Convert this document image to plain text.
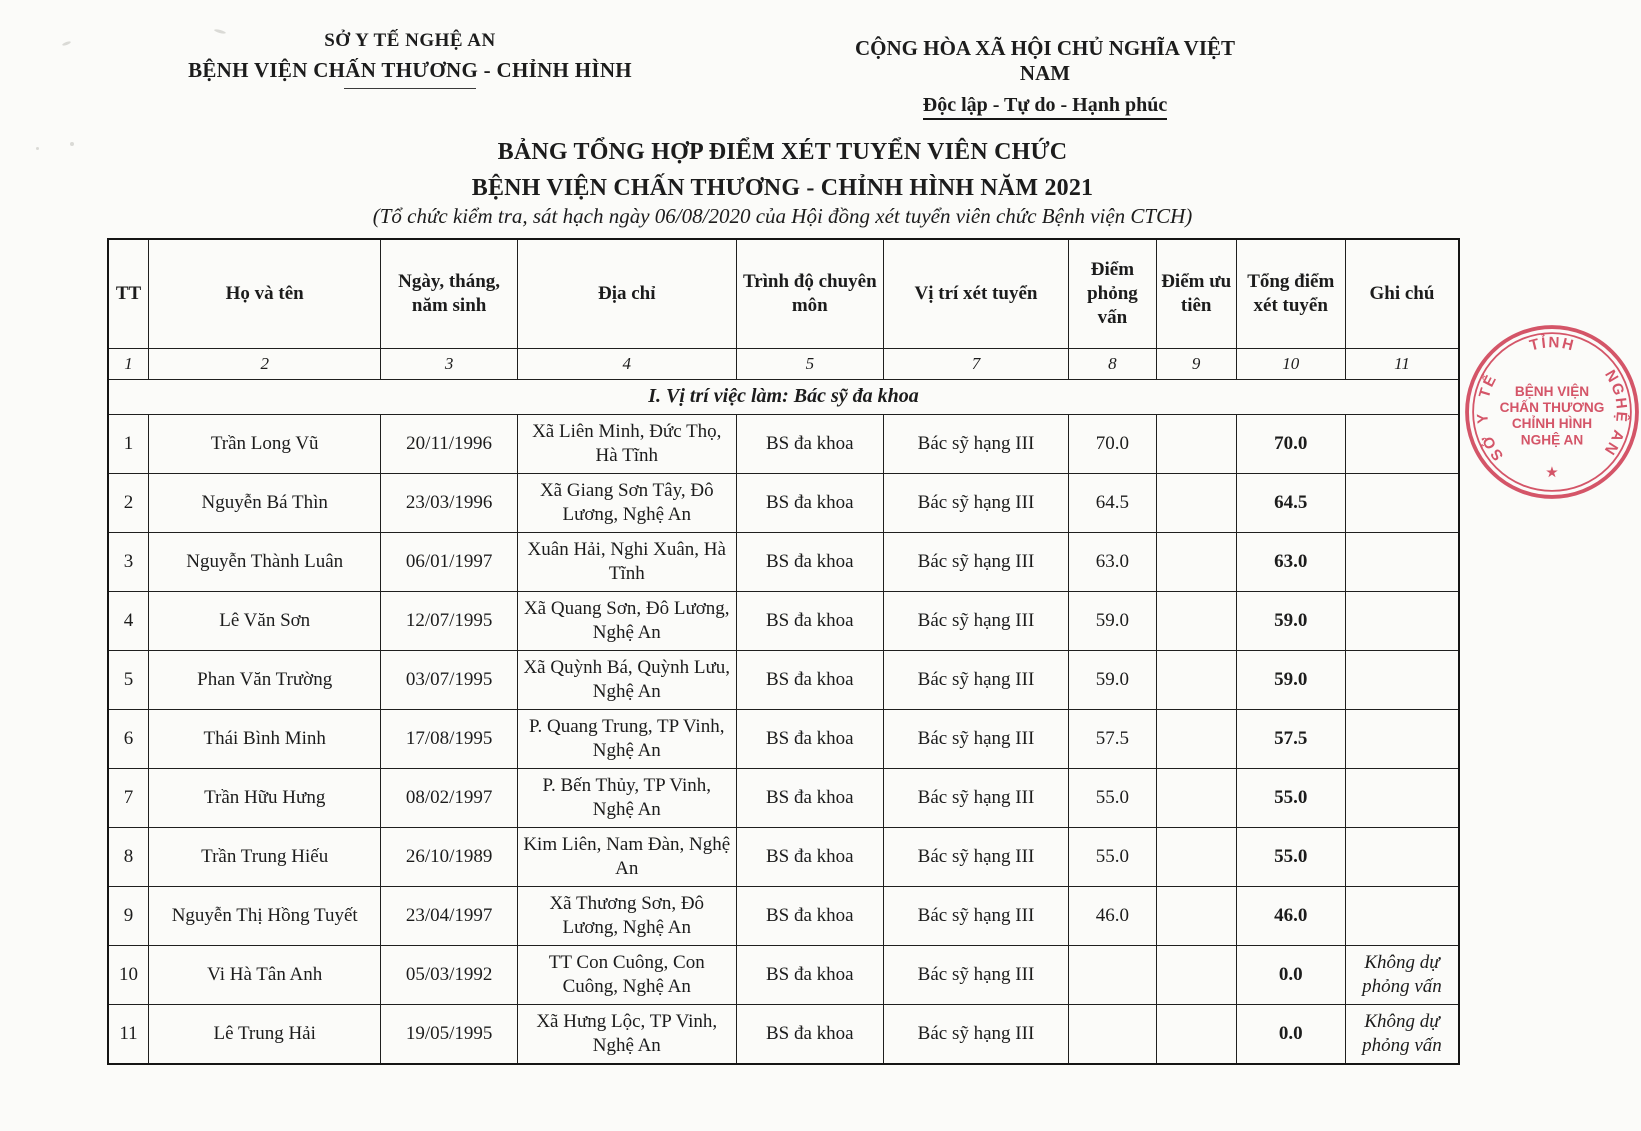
SỞ Y TẾ NGHỆ AN
BỆNH VIỆN CHẤN THƯƠNG - CHỈNH HÌNH
CỘNG HÒA XÃ HỘI CHỦ NGHĨA VIỆT NAM
Độc lập - Tự do - Hạnh phúc
BẢNG TỔNG HỢP ĐIỂM XÉT TUYỂN VIÊN CHỨC
BỆNH VIỆN CHẤN THƯƠNG - CHỈNH HÌNH NĂM 2021
(Tổ chức kiểm tra, sát hạch ngày 06/08/2020 của Hội đồng xét tuyển viên chức Bệnh viện CTCH)
TT	Họ và tên	Ngày, tháng, năm sinh	Địa chỉ	Trình độ chuyên môn	Vị trí xét tuyển	Điểm phỏng vấn	Điểm ưu tiên	Tổng điểm xét tuyển	Ghi chú
1	2	3	4	5	7	8	9	10	11
I. Vị trí việc làm: Bác sỹ đa khoa									
1	Trần Long Vũ	20/11/1996	Xã Liên Minh, Đức Thọ, Hà Tĩnh	BS đa khoa	Bác sỹ hạng III	70.0		70.0	
2	Nguyễn Bá Thìn	23/03/1996	Xã Giang Sơn Tây, Đô Lương, Nghệ An	BS đa khoa	Bác sỹ hạng III	64.5		64.5	
3	Nguyễn Thành Luân	06/01/1997	Xuân Hải, Nghi Xuân, Hà Tĩnh	BS đa khoa	Bác sỹ hạng III	63.0		63.0	
4	Lê Văn Sơn	12/07/1995	Xã Quang Sơn, Đô Lương, Nghệ An	BS đa khoa	Bác sỹ hạng III	59.0		59.0	
5	Phan Văn Trường	03/07/1995	Xã Quỳnh Bá, Quỳnh Lưu, Nghệ An	BS đa khoa	Bác sỹ hạng III	59.0		59.0	
6	Thái Bình Minh	17/08/1995	P. Quang Trung, TP Vinh, Nghệ An	BS đa khoa	Bác sỹ hạng III	57.5		57.5	
7	Trần Hữu Hưng	08/02/1997	P. Bến Thủy, TP Vinh, Nghệ An	BS đa khoa	Bác sỹ hạng III	55.0		55.0	
8	Trần Trung Hiếu	26/10/1989	Kim Liên, Nam Đàn, Nghệ An	BS đa khoa	Bác sỹ hạng III	55.0		55.0	
9	Nguyễn Thị Hồng Tuyết	23/04/1997	Xã Thương Sơn, Đô Lương, Nghệ An	BS đa khoa	Bác sỹ hạng III	46.0		46.0	
10	Vi Hà Tân Anh	05/03/1992	TT Con Cuông, Con Cuông, Nghệ An	BS đa khoa	Bác sỹ hạng III			0.0	Không dự phỏng vấn
11	Lê Trung Hải	19/05/1995	Xã Hưng Lộc, TP Vinh, Nghệ An	BS đa khoa	Bác sỹ hạng III			0.0	Không dự phỏng vấn
SỞ Y TẾ TỈNH NGHỆ AN
BỆNH VIỆN
CHẤN THƯƠNG
CHỈNH HÌNH
NGHỆ AN
★
